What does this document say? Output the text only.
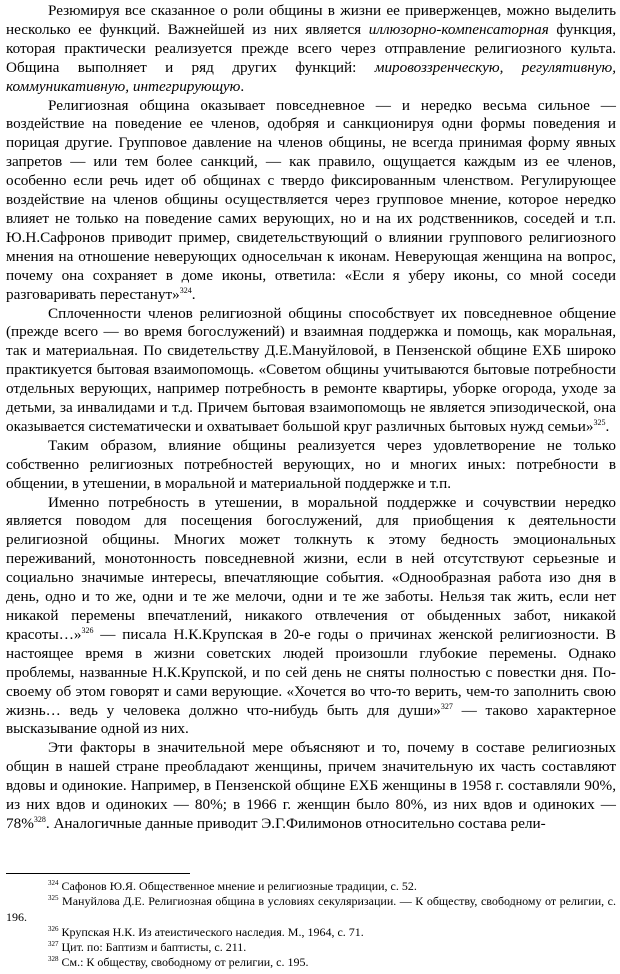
Резюмируя все сказанное о роли общины в жизни ее приверженцев, можно выделить несколько ее функций. Важнейшей из них является иллюзорно-компенсаторная функция, которая практически реализуется прежде всего через отправление религиозного культа. Община выполняет и ряд других функций: мировоззренческую, регулятивную, коммуникативную, интегрирующую.

Религиозная община оказывает повседневное — и нередко весьма сильное — воздействие на поведение ее членов, одобряя и санкционируя одни формы поведения и порицая другие. Групповое давление на членов общины, не всегда принимая форму явных запретов — или тем более санкций, — как правило, ощущается каждым из ее членов, особенно если речь идет об общинах с твердо фиксированным членством. Регулирующее воздействие на членов общины осуществляется через групповое мнение, которое нередко влияет не только на поведение самих верующих, но и на их родственников, соседей и т.п. Ю.Н.Сафронов приводит пример, свидетельствующий о влиянии группового религиозного мнения на отношение неверующих односельчан к иконам. Неверующая женщина на вопрос, почему она сохраняет в доме иконы, ответила: «Если я уберу иконы, со мной соседи разговаривать перестанут»$^{324}$.

Сплоченности членов религиозной общины способствует их повседневное общение (прежде всего — во время богослужений) и взаимная поддержка и помощь, как моральная, так и материальная. По свидетельству Д.Е.Мануйловой, в Пензенской общине ЕХБ широко практикуется бытовая взаимопомощь. «Советом общины учитываются бытовые потребности отдельных верующих, например потребность в ремонте квартиры, уборке огорода, уходе за детьми, за инвалидами и т.д. Причем бытовая взаимопомощь не является эпизодической, она оказывается систематически и охватывает большой круг различных бытовых нужд семьи»$^{325}$.

Таким образом, влияние общины реализуется через удовлетворение не только собственно религиозных потребностей верующих, но и многих иных: потребности в общении, в утешении, в моральной и материальной поддержке и т.п.

Именно потребность в утешении, в моральной поддержке и сочувствии нередко является поводом для посещения богослужений, для приобщения к деятельности религиозной общины. Многих может толкнуть к этому бедность эмоциональных переживаний, монотонность повседневной жизни, если в ней отсутствуют серьезные и социально значимые интересы, впечатляющие события. «Однообразная работа изо дня в день, одно и то же, одни и те же мелочи, одни и те же заботы. Нельзя так жить, если нет никакой перемены впечатлений, никакого отвлечения от обыденных забот, никакой красоты…»$^{326}$ — писала Н.К.Крупская в 20-е годы о причинах женской религиозности. В настоящее время в жизни советских людей произошли глубокие перемены. Однако проблемы, названные Н.К.Крупской, и по сей день не сняты полностью с повестки дня. По-своему об этом говорят и сами верующие. «Хочется во что-то верить, чем-то заполнить свою жизнь… ведь у человека должно что-нибудь быть для души»$^{327}$ — таково характерное высказывание одной из них.

Эти факторы в значительной мере объясняют и то, почему в составе религиозных общин в нашей стране преобладают женщины, причем значительную их часть составляют вдовы и одинокие. Например, в Пензенской общине ЕХБ женщины в 1958 г. составляли 90%, из них вдов и одиноких — 80%; в 1966 г. женщин было 80%, из них вдов и одиноких — 78%$^{328}$. Аналогичные данные приводит Э.Г.Филимонов относительно состава рели-

$^{324}$ Сафонов Ю.Я. Общественное мнение и религиозные традиции, с. 52.

$^{325}$ Мануйлова Д.Е. Религиозная община в условиях секуляризации. — К обществу, свободному от религии, с. 196.

$^{326}$ Крупская Н.К. Из атеистического наследия. М., 1964, с. 71.

$^{327}$ Цит. по: Баптизм и баптисты, с. 211.

$^{328}$ См.: К обществу, свободному от религии, с. 195.
